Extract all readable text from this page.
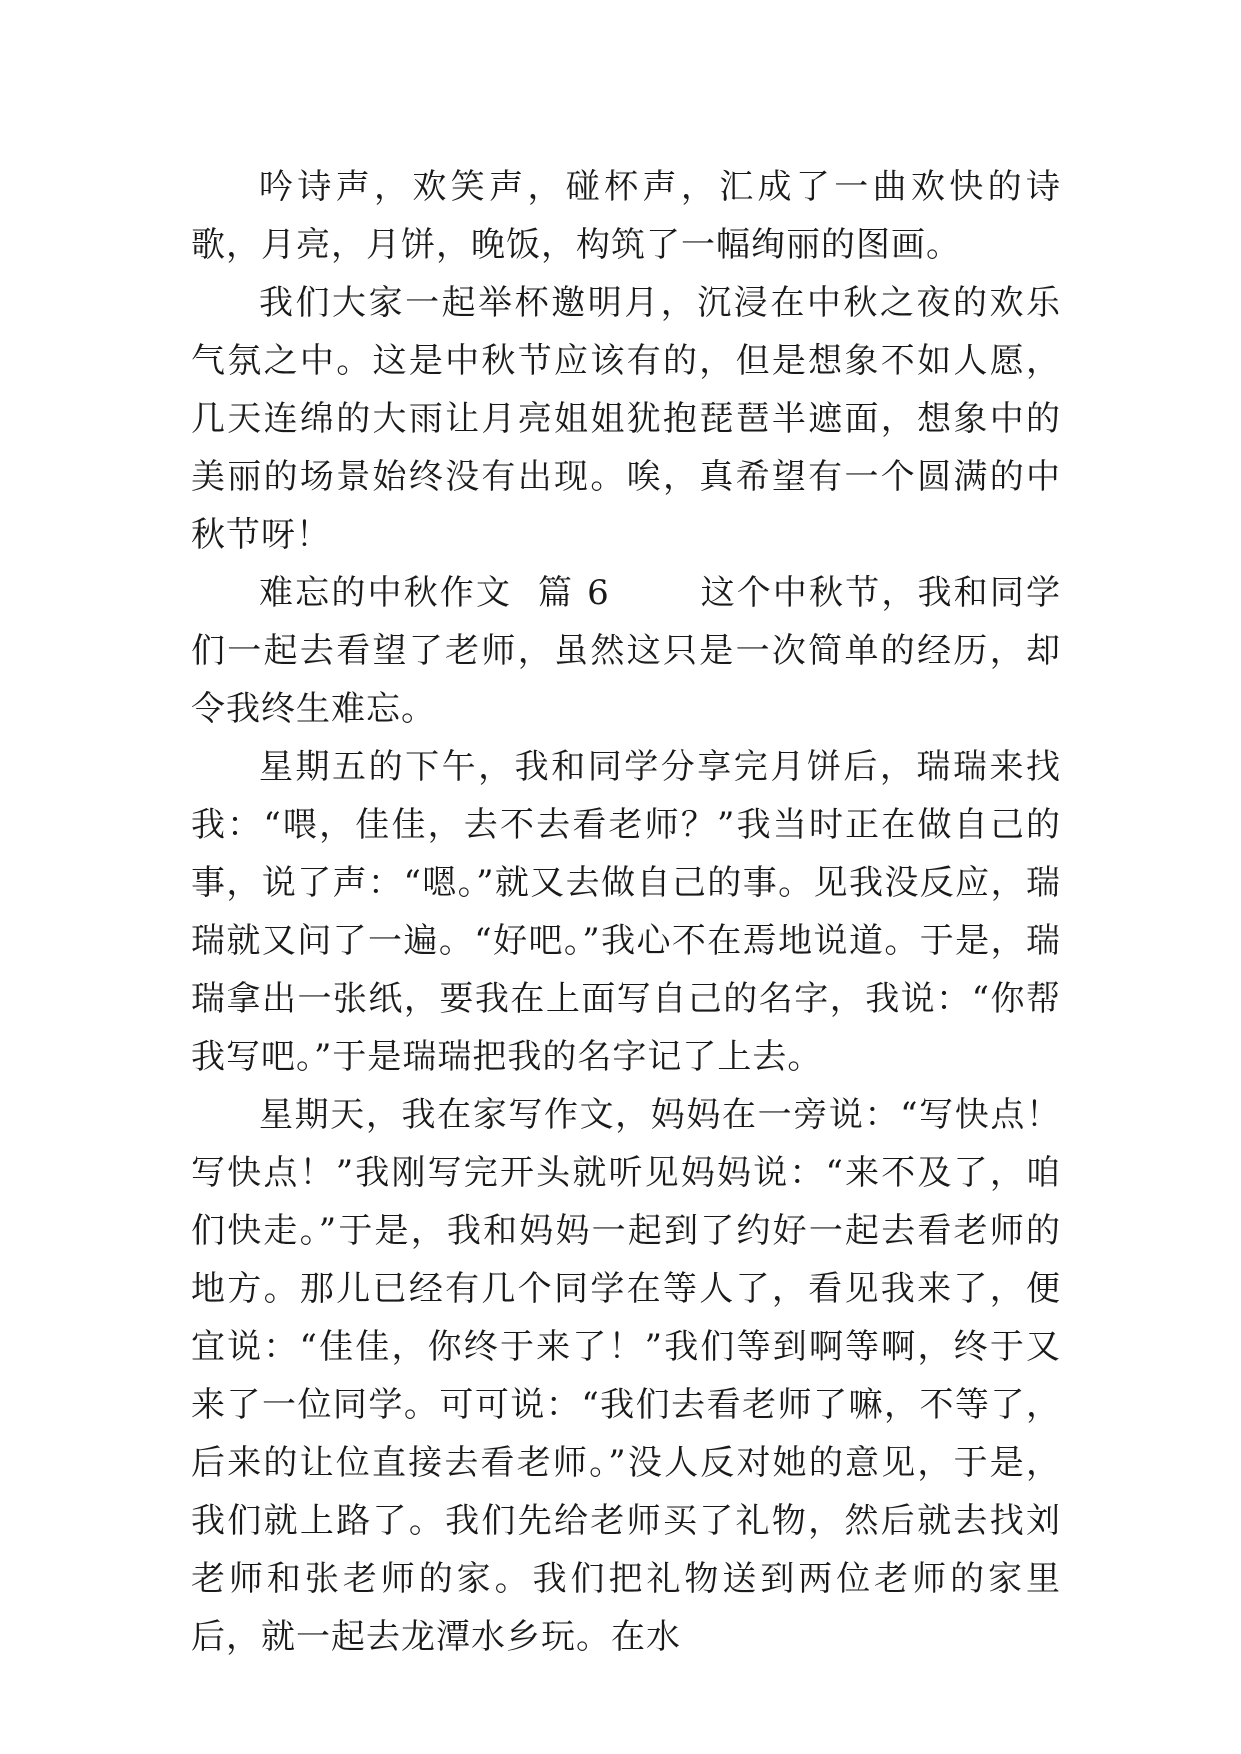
吟诗声，欢笑声，碰杯声，汇成了一曲欢快的诗歌，月亮，月饼，晚饭，构筑了一幅绚丽的图画。

我们大家一起举杯邀明月，沉浸在中秋之夜的欢乐气氛之中。这是中秋节应该有的，但是想象不如人愿，几天连绵的大雨让月亮姐姐犹抱琵琶半遮面，想象中的美丽的场景始终没有出现。唉，真希望有一个圆满的中秋节呀！

难忘的中秋作文 篇 6	这个中秋节，我和同学们一起去看望了老师，虽然这只是一次简单的经历，却令我终生难忘。

星期五的下午，我和同学分享完月饼后，瑞瑞来找我：“喂，佳佳，去不去看老师？”我当时正在做自己的事，说了声：“嗯。”就又去做自己的事。见我没反应，瑞瑞就又问了一遍。“好吧。”我心不在焉地说道。于是，瑞瑞拿出一张纸，要我在上面写自己的名字，我说：“你帮我写吧。”于是瑞瑞把我的名字记了上去。

星期天，我在家写作文，妈妈在一旁说：“写快点！写快点！”我刚写完开头就听见妈妈说：“来不及了，咱们快走。”于是，我和妈妈一起到了约好一起去看老师的地方。那儿已经有几个同学在等人了，看见我来了，便宜说：“佳佳，你终于来了！”我们等到啊等啊，终于又来了一位同学。可可说：“我们去看老师了嘛，不等了，后来的让位直接去看老师。”没人反对她的意见，于是，我们就上路了。我们先给老师买了礼物，然后就去找刘老师和张老师的家。我们把礼物送到两位老师的家里后，就一起去龙潭水乡玩。在水
